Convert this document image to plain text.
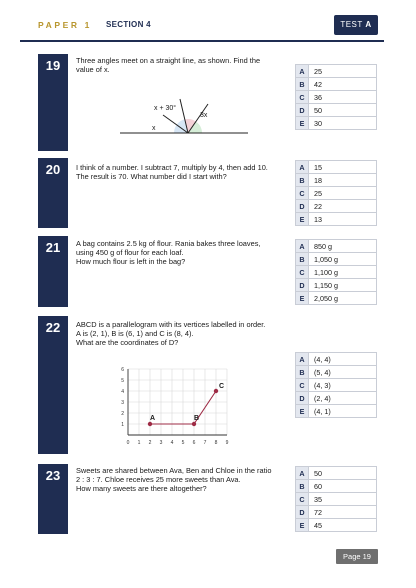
PAPER 1 SECTION 4	TEST A
19	Three angles meet on a straight line, as shown. Find the
value of x.
x + 30°
3x
x
A	25
B	42
C	36
D	50
E	30
20	I think of a number. I subtract 7, multiply by 4, then add 10.
The result is 70. What number did I start with?
A	15
B	18
C	25
D	22
E	13
21	A bag contains 2.5 kg of flour. Rania bakes three loaves,
using 450 g of flour for each loaf.
How much flour is left in the bag?
A	850 g
B	1,050 g
C	1,100 g
D	1,150 g
E	2,050 g
22	ABCD is a parallelogram with its vertices labelled in order.
A is (2, 1), B is (6, 1) and C is (8, 4).
What are the coordinates of D?
0 1 2 3 4 5 6 7 8 9
1
2
3
4
5
6
A	B
C
A	(4, 4)
B	(5, 4)
C	(4, 3)
D	(2, 4)
E	(4, 1)
23	Sweets are shared between Ava, Ben and Chloe in the ratio
2 : 3 : 7. Chloe receives 25 more sweets than Ava.
How many sweets are there altogether?
A	50
B	60
C	35
D	72
E	45
Page 19
